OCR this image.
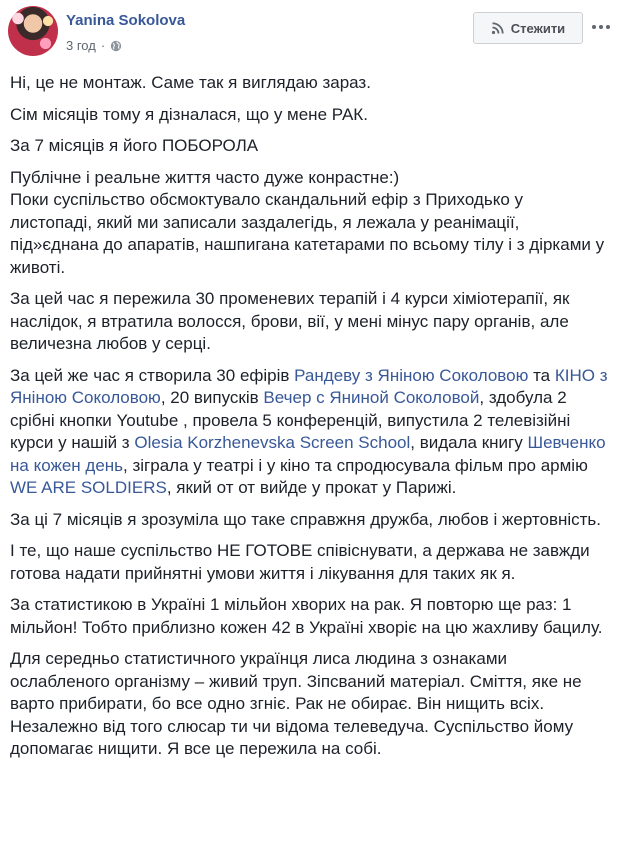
Yanina Sokolova
3 год ·
Стежити

Ні, це не монтаж. Саме так я виглядаю зараз.

Сім місяців тому я дізналася, що у мене РАК.

За 7 місяців я його ПОБОРОЛА

Публічне і реальне життя часто дуже конрастне:)
Поки суспільство обсмоктувало скандальний ефір з Приходько у листопаді, який ми записали заздалегідь, я лежала у реанімації, під»єднана до апаратів, нашпигана катетарами по всьому тілу і з дірками у животі.

За цей час я пережила 30 променевих терапій і 4 курси хіміотерапії, як наслідок, я втратила волосся, брови, вії, у мені мінус пару органів, але величезна любов у серці.

За цей же час я створила 30 ефірів Рандеву з Яніною Соколовою та КІНО з Яніною Соколовою, 20 випусків Вечер с Яниной Соколовой, здобула 2 срібні кнопки Youtube , провела 5 конференцій, випустила 2 телевізійні курси у нашій з Olesia Korzhenevska Screen School, видала книгу Шевченко на кожен день, зіграла у театрі і у кіно та спродюсувала фільм про армію WE ARE SOLDIERS, який от от вийде у прокат у Парижі.

За ці 7 місяців я зрозуміла що таке справжня дружба, любов і жертовність.

І те, що наше суспільство НЕ ГОТОВЕ співіснувати, а держава не завжди готова надати прийнятні умови життя і лікування для таких як я.

За статистикою в Україні 1 мільйон хворих на рак. Я повторю ще раз: 1 мільйон! Тобто приблизно кожен 42 в Україні хворіє на цю жахливу бацилу.

Для середньо статистичного українця лиса людина з ознаками ослабленого організму – живий труп. Зіпсваний матеріал. Сміття, яке не варто прибирати, бо все одно згніє. Рак не обирає. Він нищить всіх. Незалежно від того слюсар ти чи відома телеведуча. Суспільство йому допомагає нищити. Я все це пережила на собі.
